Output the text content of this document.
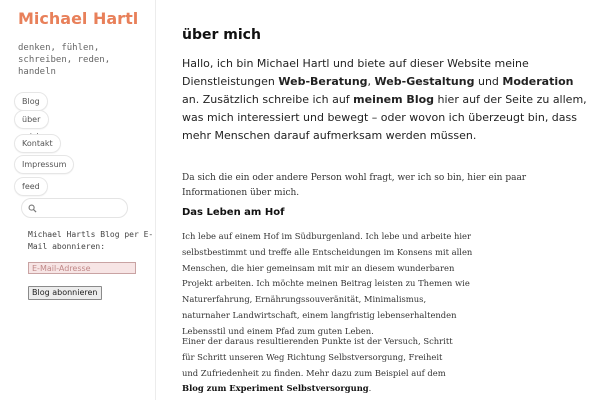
Michael Hartl

denken, fühlen, schreiben, reden, handeln

Blog
über
Kontakt
Impressum
feed

Michael Hartls Blog per E-Mail abonnieren:

E-Mail-Adresse
Blog abonnieren
über mich

Hallo, ich bin Michael Hartl und biete auf dieser Website meine Dienstleistungen Web-Beratung, Web-Gestaltung und Moderation an. Zusätzlich schreibe ich auf meinem Blog hier auf der Seite zu allem, was mich interessiert und bewegt – oder wovon ich überzeugt bin, dass mehr Menschen darauf aufmerksam werden müssen.

Da sich die ein oder andere Person wohl fragt, wer ich so bin, hier ein paar Informationen über mich.

Das Leben am Hof

Ich lebe auf einem Hof im Südburgenland. Ich lebe und arbeite hier selbstbestimmt und treffe alle Entscheidungen im Konsens mit allen Menschen, die hier gemeinsam mit mir an diesem wunderbaren Projekt arbeiten. Ich möchte meinen Beitrag leisten zu Themen wie Naturerfahrung, Ernährungssouveränität, Minimalismus, naturnaher Landwirtschaft, einem langfristig lebenserhaltenden Lebensstil und einem Pfad zum guten Leben.

Einer der daraus resultierenden Punkte ist der Versuch, Schritt für Schritt unseren Weg Richtung Selbstversorgung, Freiheit und Zufriedenheit zu finden. Mehr dazu zum Beispiel auf dem Blog zum Experiment Selbstversorgung.
